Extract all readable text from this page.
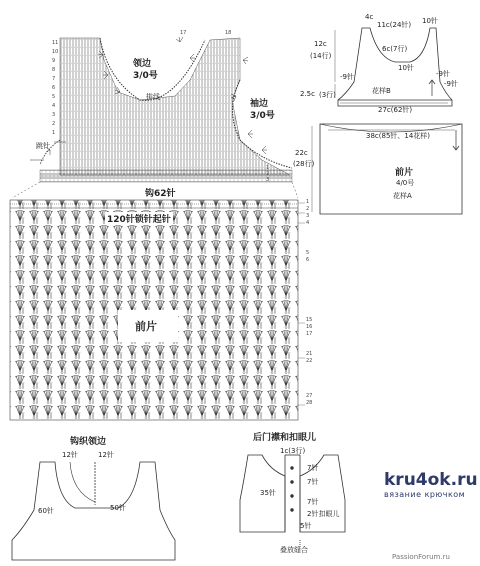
领边
3/0号
袖边
3/0号
排线
跳针
钩62针
11
10
9
8
7
6
5
4
3
2
1
1
2
3
17	18
120针锁针起针
前片
1
2
3
4
5
6
15
16
17
21
22
27
28
4c
11c(24针) 10针
6c(7行)
10针
12c
(14行)
-9针	-9针
-9针
花样B
2.5c (3行)
27c(62针)
38c(85针、14花样)
22c
(28行)
前片
4/0号
花样A
钩织领边
12针	12针
60针	50针
后门襟和扣眼儿
1c(3行)
7针
7针
7针
2针扣眼儿
5针
35针
叠放缝合
kru4ok.ru
вязание крючком
PassionForum.ru
